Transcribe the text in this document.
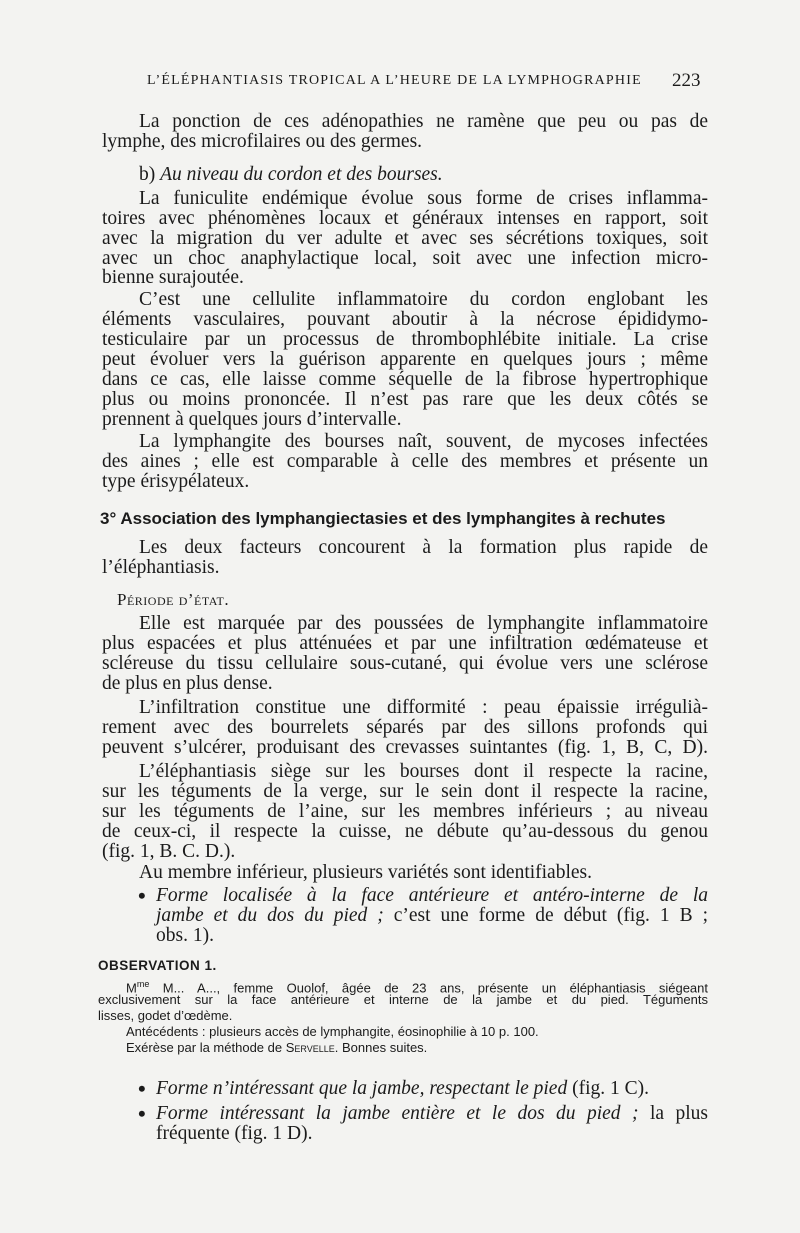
L’ÉLÉPHANTIASIS TROPICAL A L’HEURE DE LA LYMPHOGRAPHIE 223
La ponction de ces adénopathies ne ramène que peu ou pas de
lymphe, des microfilaires ou des germes.
b) Au niveau du cordon et des bourses.
La funiculite endémique évolue sous forme de crises inflamma-
toires avec phénomènes locaux et généraux intenses en rapport, soit
avec la migration du ver adulte et avec ses sécrétions toxiques, soit
avec un choc anaphylactique local, soit avec une infection micro-
bienne surajoutée.
C’est une cellulite inflammatoire du cordon englobant les
éléments vasculaires, pouvant aboutir à la nécrose épididymo-
testiculaire par un processus de thrombophlébite initiale. La crise
peut évoluer vers la guérison apparente en quelques jours ; même
dans ce cas, elle laisse comme séquelle de la fibrose hypertrophique
plus ou moins prononcée. Il n’est pas rare que les deux côtés se
prennent à quelques jours d’intervalle.
La lymphangite des bourses naît, souvent, de mycoses infectées
des aines ; elle est comparable à celle des membres et présente un
type érisypélateux.
3° Association des lymphangiectasies et des lymphangites à rechutes
Les deux facteurs concourent à la formation plus rapide de
l’éléphantiasis.
Période d’état.
Elle est marquée par des poussées de lymphangite inflammatoire
plus espacées et plus atténuées et par une infiltration œdémateuse et
scléreuse du tissu cellulaire sous-cutané, qui évolue vers une sclérose
de plus en plus dense.
L’infiltration constitue une difformité : peau épaissie irrégulià-
rement avec des bourrelets séparés par des sillons profonds qui
peuvent s’ulcérer, produisant des crevasses suintantes (fig. 1, B, C, D).
L’éléphantiasis siège sur les bourses dont il respecte la racine,
sur les téguments de la verge, sur le sein dont il respecte la racine,
sur les téguments de l’aine, sur les membres inférieurs ; au niveau
de ceux-ci, il respecte la cuisse, ne débute qu’au-dessous du genou
(fig. 1, B. C. D.).
Au membre inférieur, plusieurs variétés sont identifiables.
• Forme localisée à la face antérieure et antéro-interne de la
jambe et du dos du pied ; c’est une forme de début (fig. 1 B ;
obs. 1).
OBSERVATION 1.
$M^{me}$ M... A..., femme Ouolof, âgée de 23 ans, présente un éléphantiasis siégeant
exclusivement sur la face antérieure et interne de la jambe et du pied. Téguments
lisses, godet d’œdème.
Antécédents : plusieurs accès de lymphangite, éosinophilie à 10 p. 100.
Exérèse par la méthode de Servelle. Bonnes suites.
• Forme n’intéressant que la jambe, respectant le pied (fig. 1 C).
• Forme intéressant la jambe entière et le dos du pied ; la plus
fréquente (fig. 1 D).
